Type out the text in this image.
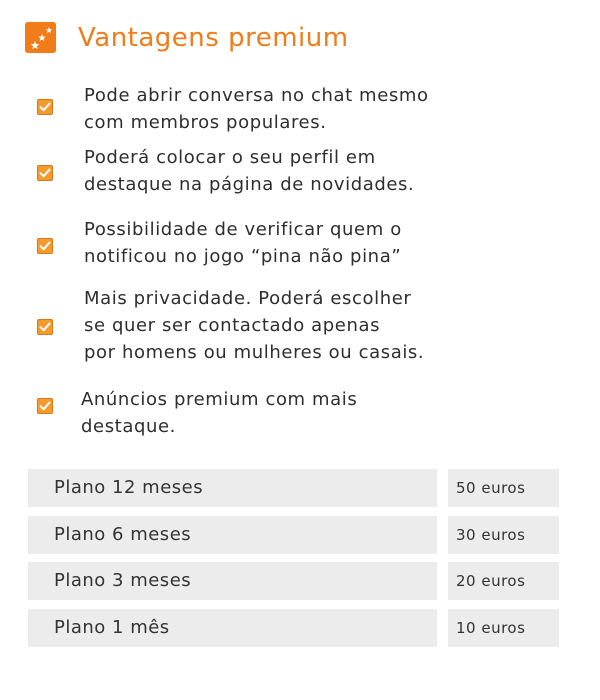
Vantagens premium
Pode abrir conversa no chat mesmo
com membros populares.
Poderá colocar o seu perfil em
destaque na página de novidades.
Possibilidade de verificar quem o
notificou no jogo “pina não pina”
Mais privacidade. Poderá escolher
se quer ser contactado apenas
por homens ou mulheres ou casais.
Anúncios premium com mais
destaque.
Plano 12 meses	50 euros
Plano 6 meses	30 euros
Plano 3 meses	20 euros
Plano 1 mês	10 euros
